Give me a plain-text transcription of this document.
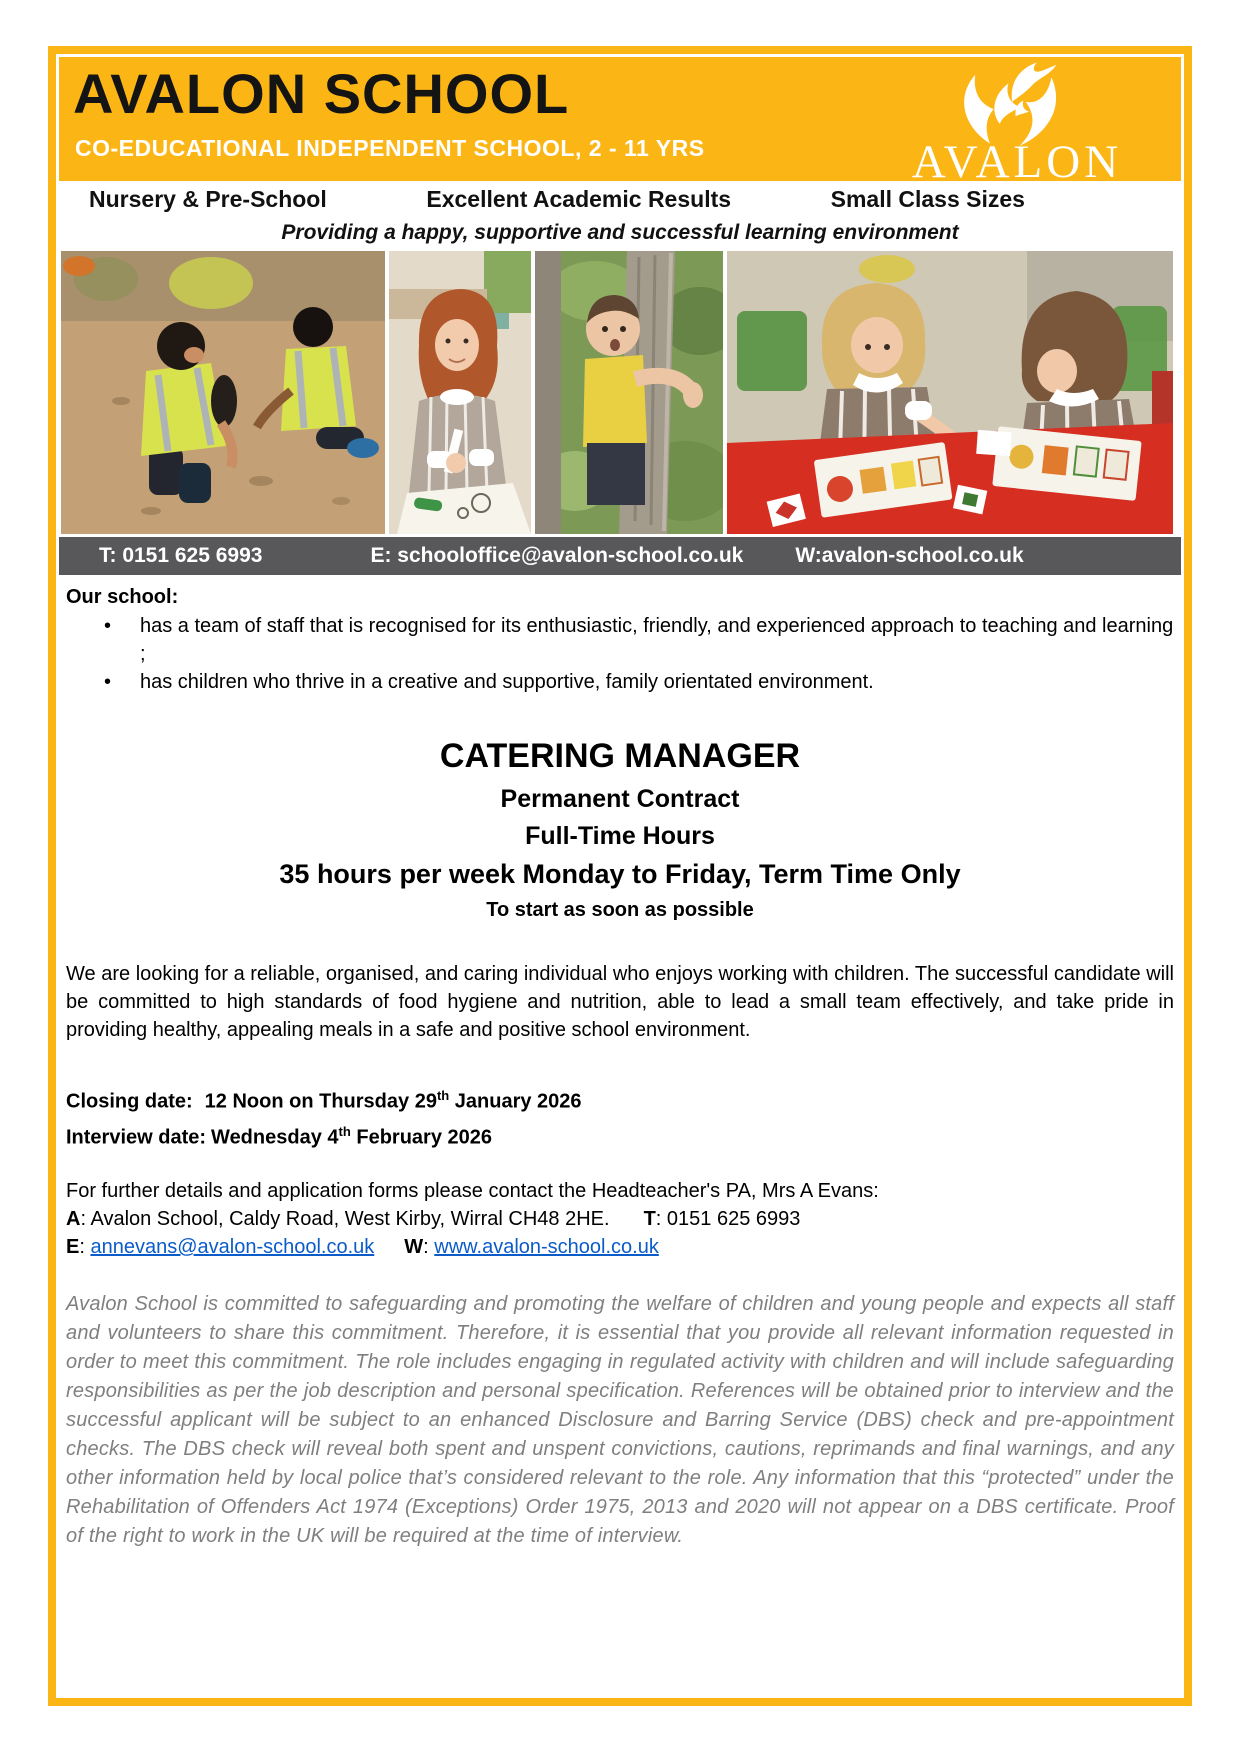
AVALON SCHOOL
CO-EDUCATIONAL INDEPENDENT SCHOOL, 2 - 11 YRS	AVALON
Nursery & Pre-School	Excellent Academic Results	Small Class Sizes
Providing a happy, supportive and successful learning environment
T: 0151 625 6993	E: schooloffice@avalon-school.co.uk W:avalon-school.co.uk
Our school:
• has a team of staff that is recognised for its enthusiastic, friendly, and experienced approach to teaching and learning ;
• has children who thrive in a creative and supportive, family orientated environment.
CATERING MANAGER
Permanent Contract
Full-Time Hours
35 hours per week Monday to Friday, Term Time Only
To start as soon as possible
We are looking for a reliable, organised, and caring individual who enjoys working with children. The successful candidate will be committed to high standards of food hygiene and nutrition, able to lead a small team effectively, and take pride in providing healthy, appealing meals in a safe and positive school environment.
Closing date: 12 Noon on Thursday 29th January 2026
Interview date: Wednesday 4th February 2026
For further details and application forms please contact the Headteacher's PA, Mrs A Evans:
A: Avalon School, Caldy Road, West Kirby, Wirral CH48 2HE. T: 0151 625 6993
E: annevans@avalon-school.co.uk W: www.avalon-school.co.uk
Avalon School is committed to safeguarding and promoting the welfare of children and young people and expects all staff and volunteers to share this commitment. Therefore, it is essential that you provide all relevant information requested in order to meet this commitment. The role includes engaging in regulated activity with children and will include safeguarding responsibilities as per the job description and personal specification. References will be obtained prior to interview and the successful applicant will be subject to an enhanced Disclosure and Barring Service (DBS) check and pre-appointment checks. The DBS check will reveal both spent and unspent convictions, cautions, reprimands and final warnings, and any other information held by local police that’s considered relevant to the role. Any information that this “protected” under the Rehabilitation of Offenders Act 1974 (Exceptions) Order 1975, 2013 and 2020 will not appear on a DBS certificate. Proof of the right to work in the UK will be required at the time of interview.
